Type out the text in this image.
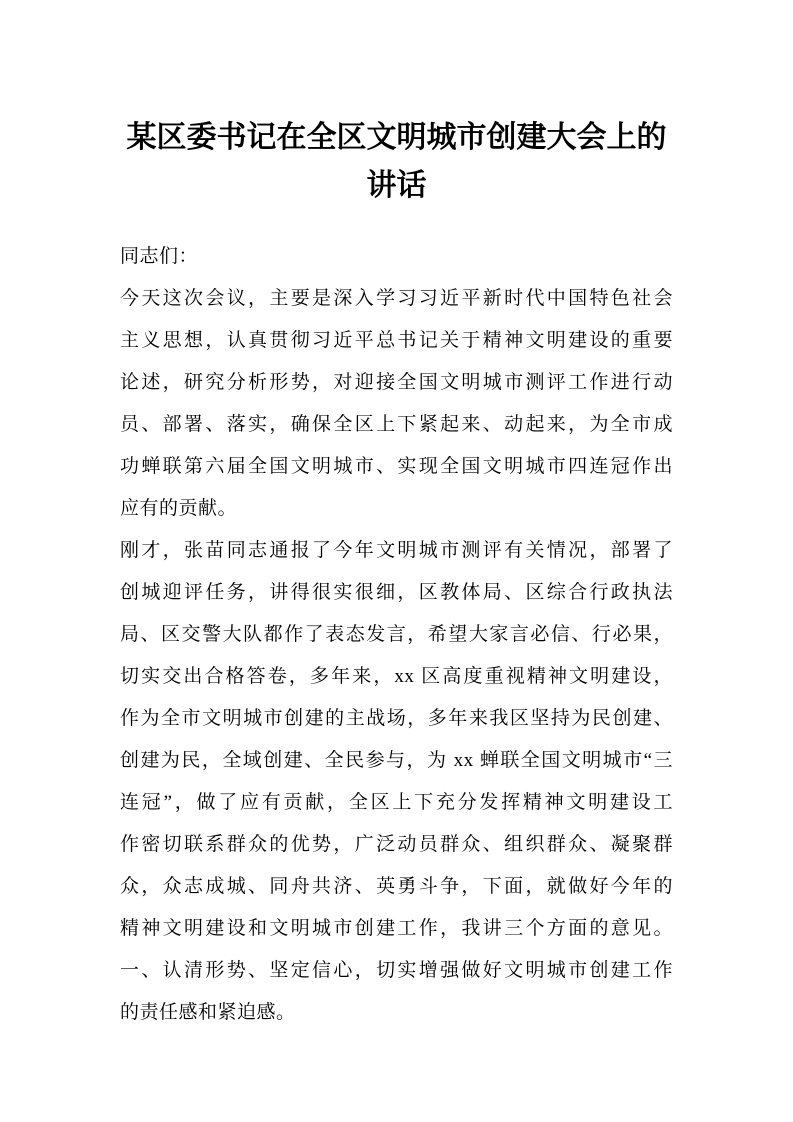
某区委书记在全区文明城市创建大会上的
讲话
同志们：
今天这次会议，主要是深入学习习近平新时代中国特色社会
主义思想，认真贯彻习近平总书记关于精神文明建设的重要
论述，研究分析形势，对迎接全国文明城市测评工作进行动
员、部署、落实，确保全区上下紧起来、动起来，为全市成
功蝉联第六届全国文明城市、实现全国文明城市四连冠作出
应有的贡献。
刚才，张苗同志通报了今年文明城市测评有关情况，部署了
创城迎评任务，讲得很实很细，区教体局、区综合行政执法
局、区交警大队都作了表态发言，希望大家言必信、行必果，
切实交出合格答卷，多年来，xx 区高度重视精神文明建设，
作为全市文明城市创建的主战场，多年来我区坚持为民创建、
创建为民，全域创建、全民参与，为 xx 蝉联全国文明城市“三
连冠”，做了应有贡献，全区上下充分发挥精神文明建设工
作密切联系群众的优势，广泛动员群众、组织群众、凝聚群
众，众志成城、同舟共济、英勇斗争，下面，就做好今年的
精神文明建设和文明城市创建工作，我讲三个方面的意见。
一、认清形势、坚定信心，切实增强做好文明城市创建工作
的责任感和紧迫感。
